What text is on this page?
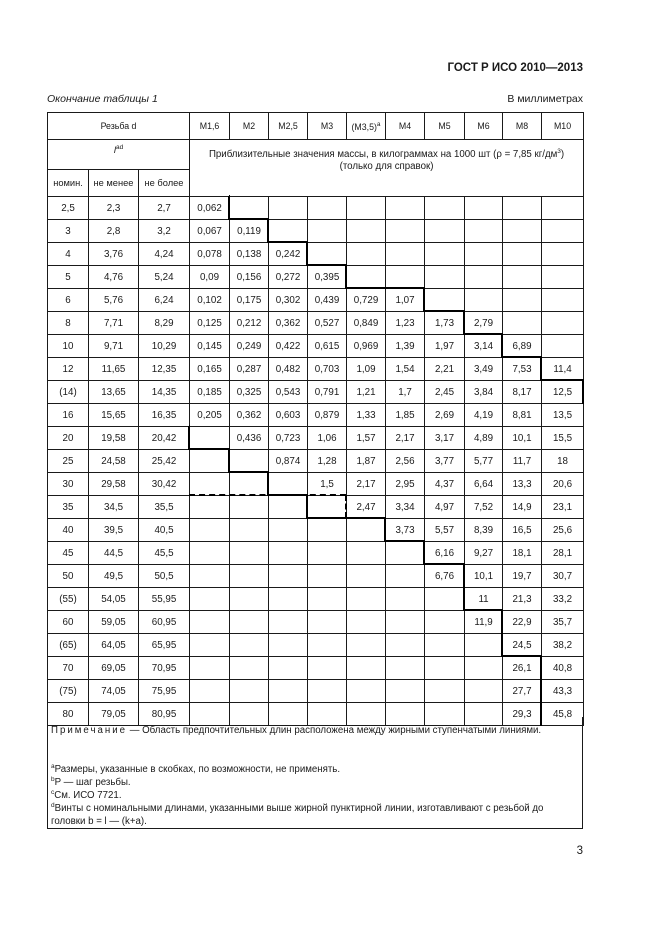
ГОСТ Р ИСО 2010—2013
Окончание таблицы 1	В миллиметрах
Резьба d			M1,6	M2	M2,5	M3	$(M3,5)^a$	M4	M5	M6	M8	M10
$l^{ad}$			Приблизительные значения массы, в килограммах на 1000 шт (ρ = 7,85 $кг/дм^3$)
(только для справок)									
номин.	не менее	не более										
2,5	2,3	2,7	0,062									
3	2,8	3,2	0,067	0,119								
4	3,76	4,24	0,078	0,138	0,242							
5	4,76	5,24	0,09	0,156	0,272	0,395						
6	5,76	6,24	0,102	0,175	0,302	0,439	0,729	1,07				
8	7,71	8,29	0,125	0,212	0,362	0,527	0,849	1,23	1,73	2,79		
10	9,71	10,29	0,145	0,249	0,422	0,615	0,969	1,39	1,97	3,14	6,89	
12	11,65	12,35	0,165	0,287	0,482	0,703	1,09	1,54	2,21	3,49	7,53	11,4
(14)	13,65	14,35	0,185	0,325	0,543	0,791	1,21	1,7	2,45	3,84	8,17	12,5
16	15,65	16,35	0,205	0,362	0,603	0,879	1,33	1,85	2,69	4,19	8,81	13,5
20	19,58	20,42		0,436	0,723	1,06	1,57	2,17	3,17	4,89	10,1	15,5
25	24,58	25,42			0,874	1,28	1,87	2,56	3,77	5,77	11,7	18
30	29,58	30,42				1,5	2,17	2,95	4,37	6,64	13,3	20,6
35	34,5	35,5					2,47	3,34	4,97	7,52	14,9	23,1
40	39,5	40,5						3,73	5,57	8,39	16,5	25,6
45	44,5	45,5							6,16	9,27	18,1	28,1
50	49,5	50,5							6,76	10,1	19,7	30,7
(55)	54,05	55,95								11	21,3	33,2
60	59,05	60,95								11,9	22,9	35,7
(65)	64,05	65,95									24,5	38,2
70	69,05	70,95									26,1	40,8
(75)	74,05	75,95									27,7	43,3
80	79,05	80,95									29,3	45,8
Примечание — Область предпочтительных длин расположена между жирными ступенчатыми линиями.
$^a$Размеры, указанные в скобках, по возможности, не применять.
$^b$P — шаг резьбы.
$^c$См. ИСО 7721.
$^d$Винты с номинальными длинами, указанными выше жирной пунктирной линии, изготавливают с резьбой до головки b = l — (k+a).
3
